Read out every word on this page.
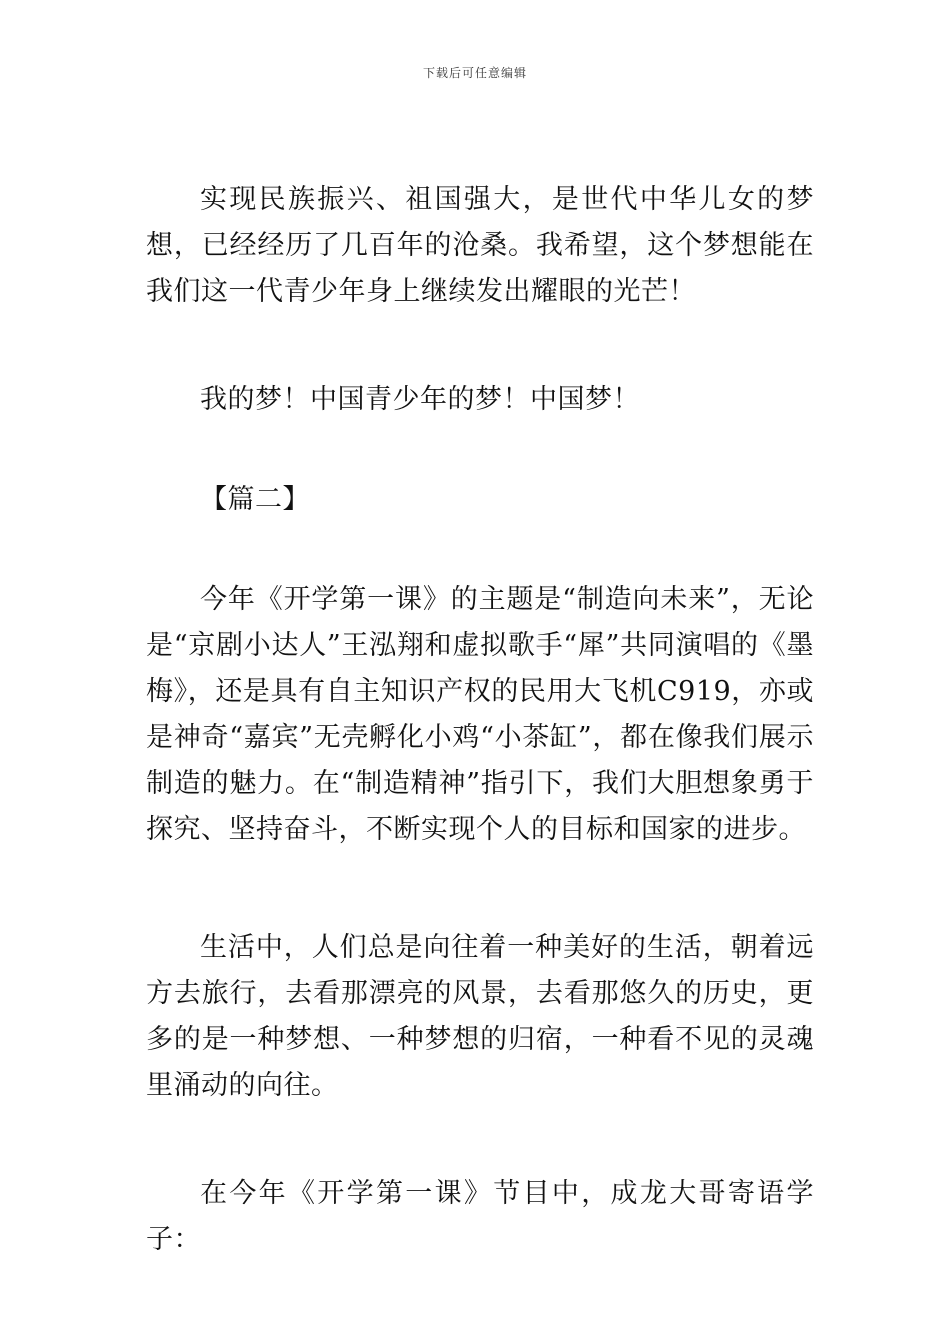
下载后可任意编辑

实现民族振兴、祖国强大，是世代中华儿女的梦想，已经经历了几百年的沧桑。我希望，这个梦想能在我们这一代青少年身上继续发出耀眼的光芒！

我的梦！中国青少年的梦！中国梦！

【篇二】

今年《开学第一课》的主题是“制造向未来”，无论是“京剧小达人”王泓翔和虚拟歌手“犀”共同演唱的《墨梅》，还是具有自主知识产权的民用大飞机C919，亦或是神奇“嘉宾”无壳孵化小鸡“小茶缸”，都在像我们展示制造的魅力。在“制造精神”指引下，我们大胆想象勇于探究、坚持奋斗，不断实现个人的目标和国家的进步。

生活中，人们总是向往着一种美好的生活，朝着远方去旅行，去看那漂亮的风景，去看那悠久的历史，更多的是一种梦想、一种梦想的归宿，一种看不见的灵魂里涌动的向往。

在今年《开学第一课》节目中，成龙大哥寄语学子：
